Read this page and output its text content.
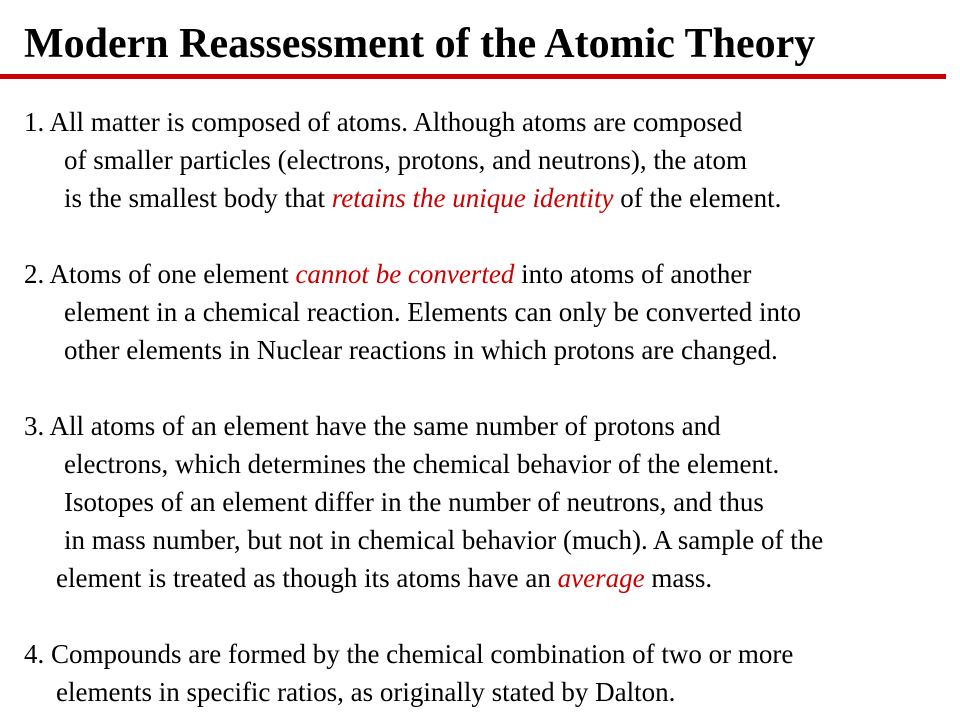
Modern Reassessment of the Atomic Theory
1. All matter is composed of atoms. Although atoms are composed
of smaller particles (electrons, protons, and neutrons), the atom
is the smallest body that retains the unique identity of the element.
2. Atoms of one element cannot be converted into atoms of another
element in a chemical reaction. Elements can only be converted into
other elements in Nuclear reactions in which protons are changed.
3. All atoms of an element have the same number of protons and
electrons, which determines the chemical behavior of the element.
Isotopes of an element differ in the number of neutrons, and thus
in mass number, but not in chemical behavior (much). A sample of the
element is treated as though its atoms have an average mass.
4. Compounds are formed by the chemical combination of two or more
elements in specific ratios, as originally stated by Dalton.
